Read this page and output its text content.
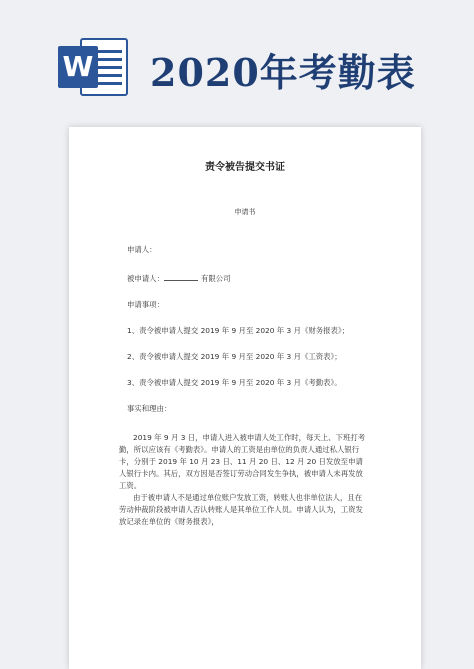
W 2020年考勤表
责令被告提交书证
申请书
申请人：
被申请人：	有限公司
申请事项：
1、责令被申请人提交 2019 年 9 月至 2020 年 3 月《财务报表》；
2、责令被申请人提交 2019 年 9 月至 2020 年 3 月《工资表》；
3、责令被申请人提交 2019 年 9 月至 2020 年 3 月《考勤表》。
事实和理由：
2019 年 9 月 3 日，申请人进入被申请人处工作时，每天上、下班打考勤，所以应该有《考勤表》。申请人的工资是由单位的负责人通过私人银行卡，分别于 2019 年 10 月 23 日、11 月 20 日、12 月 20 日发放至申请人银行卡内。其后，双方因是否签订劳动合同发生争执，被申请人未再发放工资。
由于被申请人不是通过单位账户发放工资，转账人也非单位法人，且在劳动仲裁阶段被申请人否认转账人是其单位工作人员。申请人认为，工资发放记录在单位的《财务报表》，
